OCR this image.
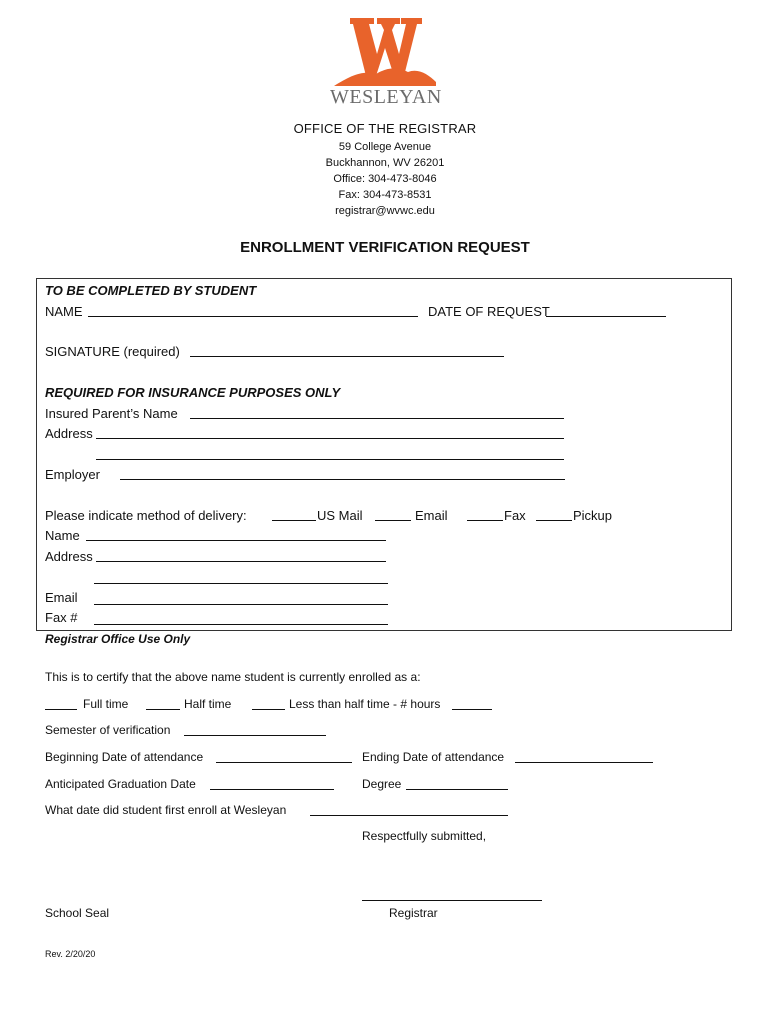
WESLEYAN
OFFICE OF THE REGISTRAR
59 College Avenue
Buckhannon, WV 26201
Office: 304-473-8046
Fax: 304-473-8531
registrar@wvwc.edu
ENROLLMENT VERIFICATION REQUEST
TO BE COMPLETED BY STUDENT
NAME	DATE OF REQUEST
SIGNATURE (required)
REQUIRED FOR INSURANCE PURPOSES ONLY
Insured Parent’s Name
Address
Employer
Please indicate method of delivery:	US Mail	Email	Fax	Pickup
Name
Address
Email
Fax #
Registrar Office Use Only
This is to certify that the above name student is currently enrolled as a:
Full time	Half time	Less than half time - # hours
Semester of verification
Beginning Date of attendance	Ending Date of attendance
Anticipated Graduation Date	Degree
What date did student first enroll at Wesleyan
Respectfully submitted,
School Seal	Registrar
Rev. 2/20/20
